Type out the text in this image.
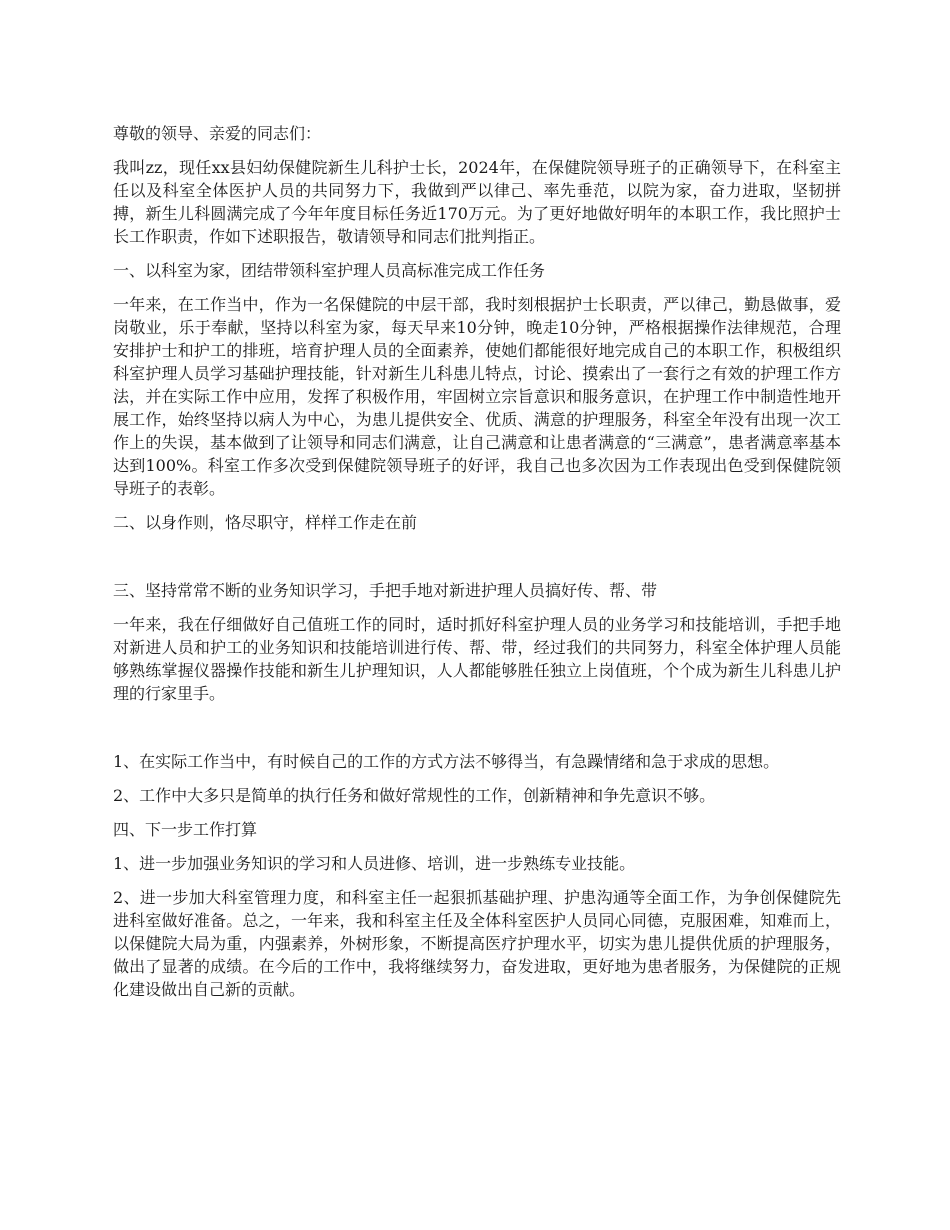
尊敬的领导、亲爱的同志们：

我叫zz，现任xx县妇幼保健院新生儿科护士长，2024年，在保健院领导班子的正确领导下，在科室主任以及科室全体医护人员的共同努力下，我做到严以律己、率先垂范，以院为家，奋力进取，坚韧拼搏，新生儿科圆满完成了今年年度目标任务近170万元。为了更好地做好明年的本职工作，我比照护士长工作职责，作如下述职报告，敬请领导和同志们批判指正。

一、以科室为家，团结带领科室护理人员高标准完成工作任务

一年来，在工作当中，作为一名保健院的中层干部，我时刻根据护士长职责，严以律己，勤恳做事，爱岗敬业，乐于奉献，坚持以科室为家，每天早来10分钟，晚走10分钟，严格根据操作法律规范，合理安排护士和护工的排班，培育护理人员的全面素养，使她们都能很好地完成自己的本职工作，积极组织科室护理人员学习基础护理技能，针对新生儿科患儿特点，讨论、摸索出了一套行之有效的护理工作方法，并在实际工作中应用，发挥了积极作用，牢固树立宗旨意识和服务意识，在护理工作中制造性地开展工作，始终坚持以病人为中心，为患儿提供安全、优质、满意的护理服务，科室全年没有出现一次工作上的失误，基本做到了让领导和同志们满意，让自己满意和让患者满意的“三满意”，患者满意率基本达到100%。科室工作多次受到保健院领导班子的好评，我自己也多次因为工作表现出色受到保健院领导班子的表彰。

二、以身作则，恪尽职守，样样工作走在前

三、坚持常常不断的业务知识学习，手把手地对新进护理人员搞好传、帮、带

一年来，我在仔细做好自己值班工作的同时，适时抓好科室护理人员的业务学习和技能培训，手把手地对新进人员和护工的业务知识和技能培训进行传、帮、带，经过我们的共同努力，科室全体护理人员能够熟练掌握仪器操作技能和新生儿护理知识，人人都能够胜任独立上岗值班，个个成为新生儿科患儿护理的行家里手。

1、在实际工作当中，有时候自己的工作的方式方法不够得当，有急躁情绪和急于求成的思想。

2、工作中大多只是简单的执行任务和做好常规性的工作，创新精神和争先意识不够。

四、下一步工作打算

1、进一步加强业务知识的学习和人员进修、培训，进一步熟练专业技能。

2、进一步加大科室管理力度，和科室主任一起狠抓基础护理、护患沟通等全面工作，为争创保健院先进科室做好准备。总之，一年来，我和科室主任及全体科室医护人员同心同德，克服困难，知难而上，以保健院大局为重，内强素养，外树形象，不断提高医疗护理水平，切实为患儿提供优质的护理服务，做出了显著的成绩。在今后的工作中，我将继续努力，奋发进取，更好地为患者服务，为保健院的正规化建设做出自己新的贡献。
